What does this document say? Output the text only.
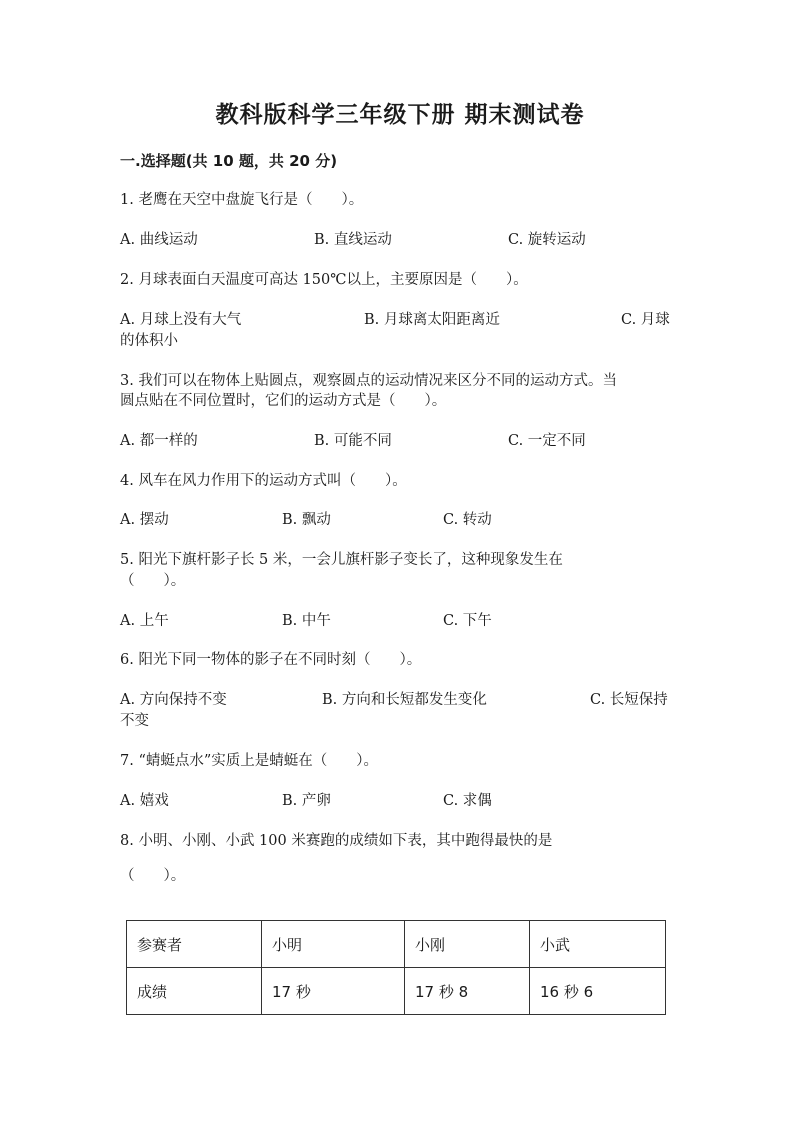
教科版科学三年级下册 期末测试卷
一.选择题(共 10 题，共 20 分)
1. 老鹰在天空中盘旋飞行是（　　）。
A. 曲线运动	B. 直线运动	C. 旋转运动
2. 月球表面白天温度可高达 150℃以上，主要原因是（　　）。
A. 月球上没有大气	B. 月球离太阳距离近	C. 月球
的体积小
3. 我们可以在物体上贴圆点，观察圆点的运动情况来区分不同的运动方式。当
圆点贴在不同位置时，它们的运动方式是（　　）。
A. 都一样的	B. 可能不同	C. 一定不同
4. 风车在风力作用下的运动方式叫（　　）。
A. 摆动	B. 飘动	C. 转动
5. 阳光下旗杆影子长 5 米，一会儿旗杆影子变长了，这种现象发生在
（　　）。
A. 上午	B. 中午	C. 下午
6. 阳光下同一物体的影子在不同时刻（　　）。
A. 方向保持不变	B. 方向和长短都发生变化	C. 长短保持
不变
7. “蜻蜓点水”实质上是蜻蜓在（　　）。
A. 嬉戏	B. 产卵	C. 求偶
8. 小明、小刚、小武 100 米赛跑的成绩如下表，其中跑得最快的是
（　　）。
参赛者	小明	小刚	小武
成绩	17 秒	17 秒 8	16 秒 6
